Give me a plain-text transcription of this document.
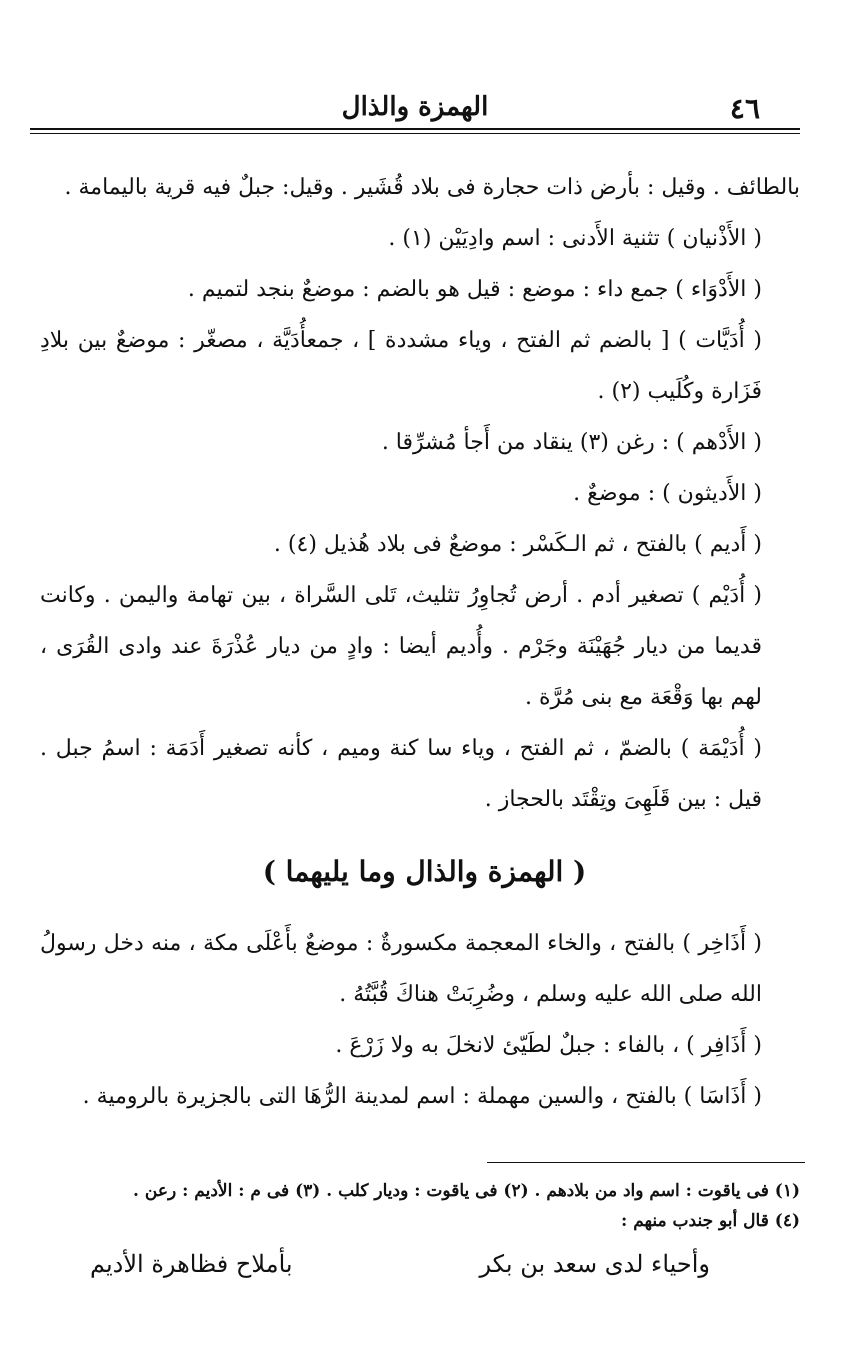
الهمزة والذال	٤٦

بالطائف . وقيل : بأرض ذات حجارة فى بلاد قُشَير . وقيل: جبلٌ فيه قرية باليمامة .

( الأَذْنيان ) تثنية الأَدنى : اسم وادِيَيْن (١) .

( الأَدْوَاء ) جمع داء : موضع : قيل هو بالضم : موضعٌ بنجد لتميم .

( أُدَيَّات ) [ بالضم ثم الفتح ، وياء مشددة ] ، جمعأُدَيَّة ، مصغّر : موضعٌ بين بلادِ فَزَارة وكُلَيب (٢) .

( الأَدْهم ) : رغن (٣) ينقاد من أَجأ مُشرِّقا .

( الأَديثون ) : موضعٌ .

( أَديم ) بالفتح ، ثم الـكَسْر : موضعٌ فى بلاد هُذيل (٤) .

( أُدَيْم ) تصغير أدم . أرض تُجاوِرُ تثليث، تَلى السَّراة ، بين تهامة واليمن . وكانت قديما من ديار جُهَيْنَة وجَرْم . وأُديم أيضا : وادٍ من ديار عُذْرَةَ عند وادى القُرَى ، لهم بها وَقْعَة مع بنى مُرَّة .

( أُدَيْمَة ) بالضمّ ، ثم الفتح ، وياء سا كنة وميم ، كأنه تصغير أَدَمَة : اسمُ جبل . قيل : بين قَلَهِىَ وتِقْتَد بالحجاز .

( الهمزة والذال وما يليهما )

( أَذَاخِر ) بالفتح ، والخاء المعجمة مكسورةٌ : موضعٌ بأَعْلَى مكة ، منه دخل رسولُ الله صلى الله عليه وسلم ، وضُرِبَتْ هناكَ قُبَّتُهُ .

( أَذَافِر ) ، بالفاء : جبلٌ لطَيّئ لانخلَ به ولا زَرْعَ .

( أَذَاسَا ) بالفتح ، والسين مهملة : اسم لمدينة الرُّهَا التى بالجزيرة بالرومية .

(١) فى ياقوت : اسم واد من بلادهم . (٢) فى ياقوت : وديار كلب . (٣) فى م : الأديم : رعن .

(٤) قال أبو جندب منهم :

وأحياء لدى سعد بن بكر
بأملاح فظاهرة الأديم
